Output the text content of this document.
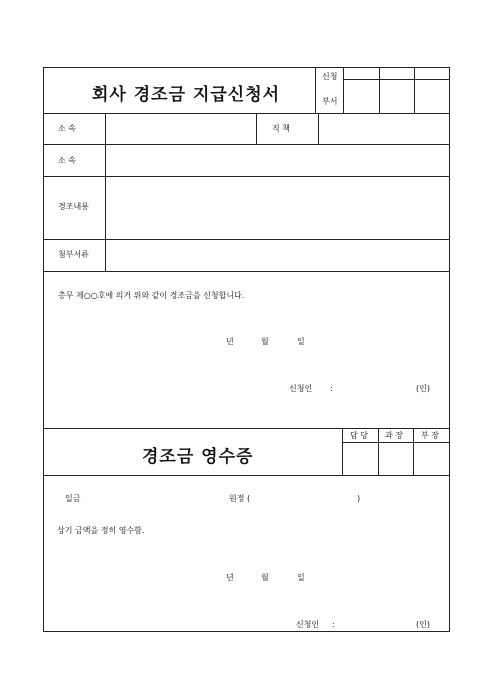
회사 경조금 지급신청서
신청
부서
소 속	직 책
소 속
경조내용
첨부서류
총무 제○○호에 의거 위와 같이 경조금을 신청합니다.
년	월	일
신청인 :	(인)
경조금 영수증
담 당 과 장 부 장
일금	원정 (	)
상기 금액을 정히 영수함.
년	월	일
신청인 :	(인)
